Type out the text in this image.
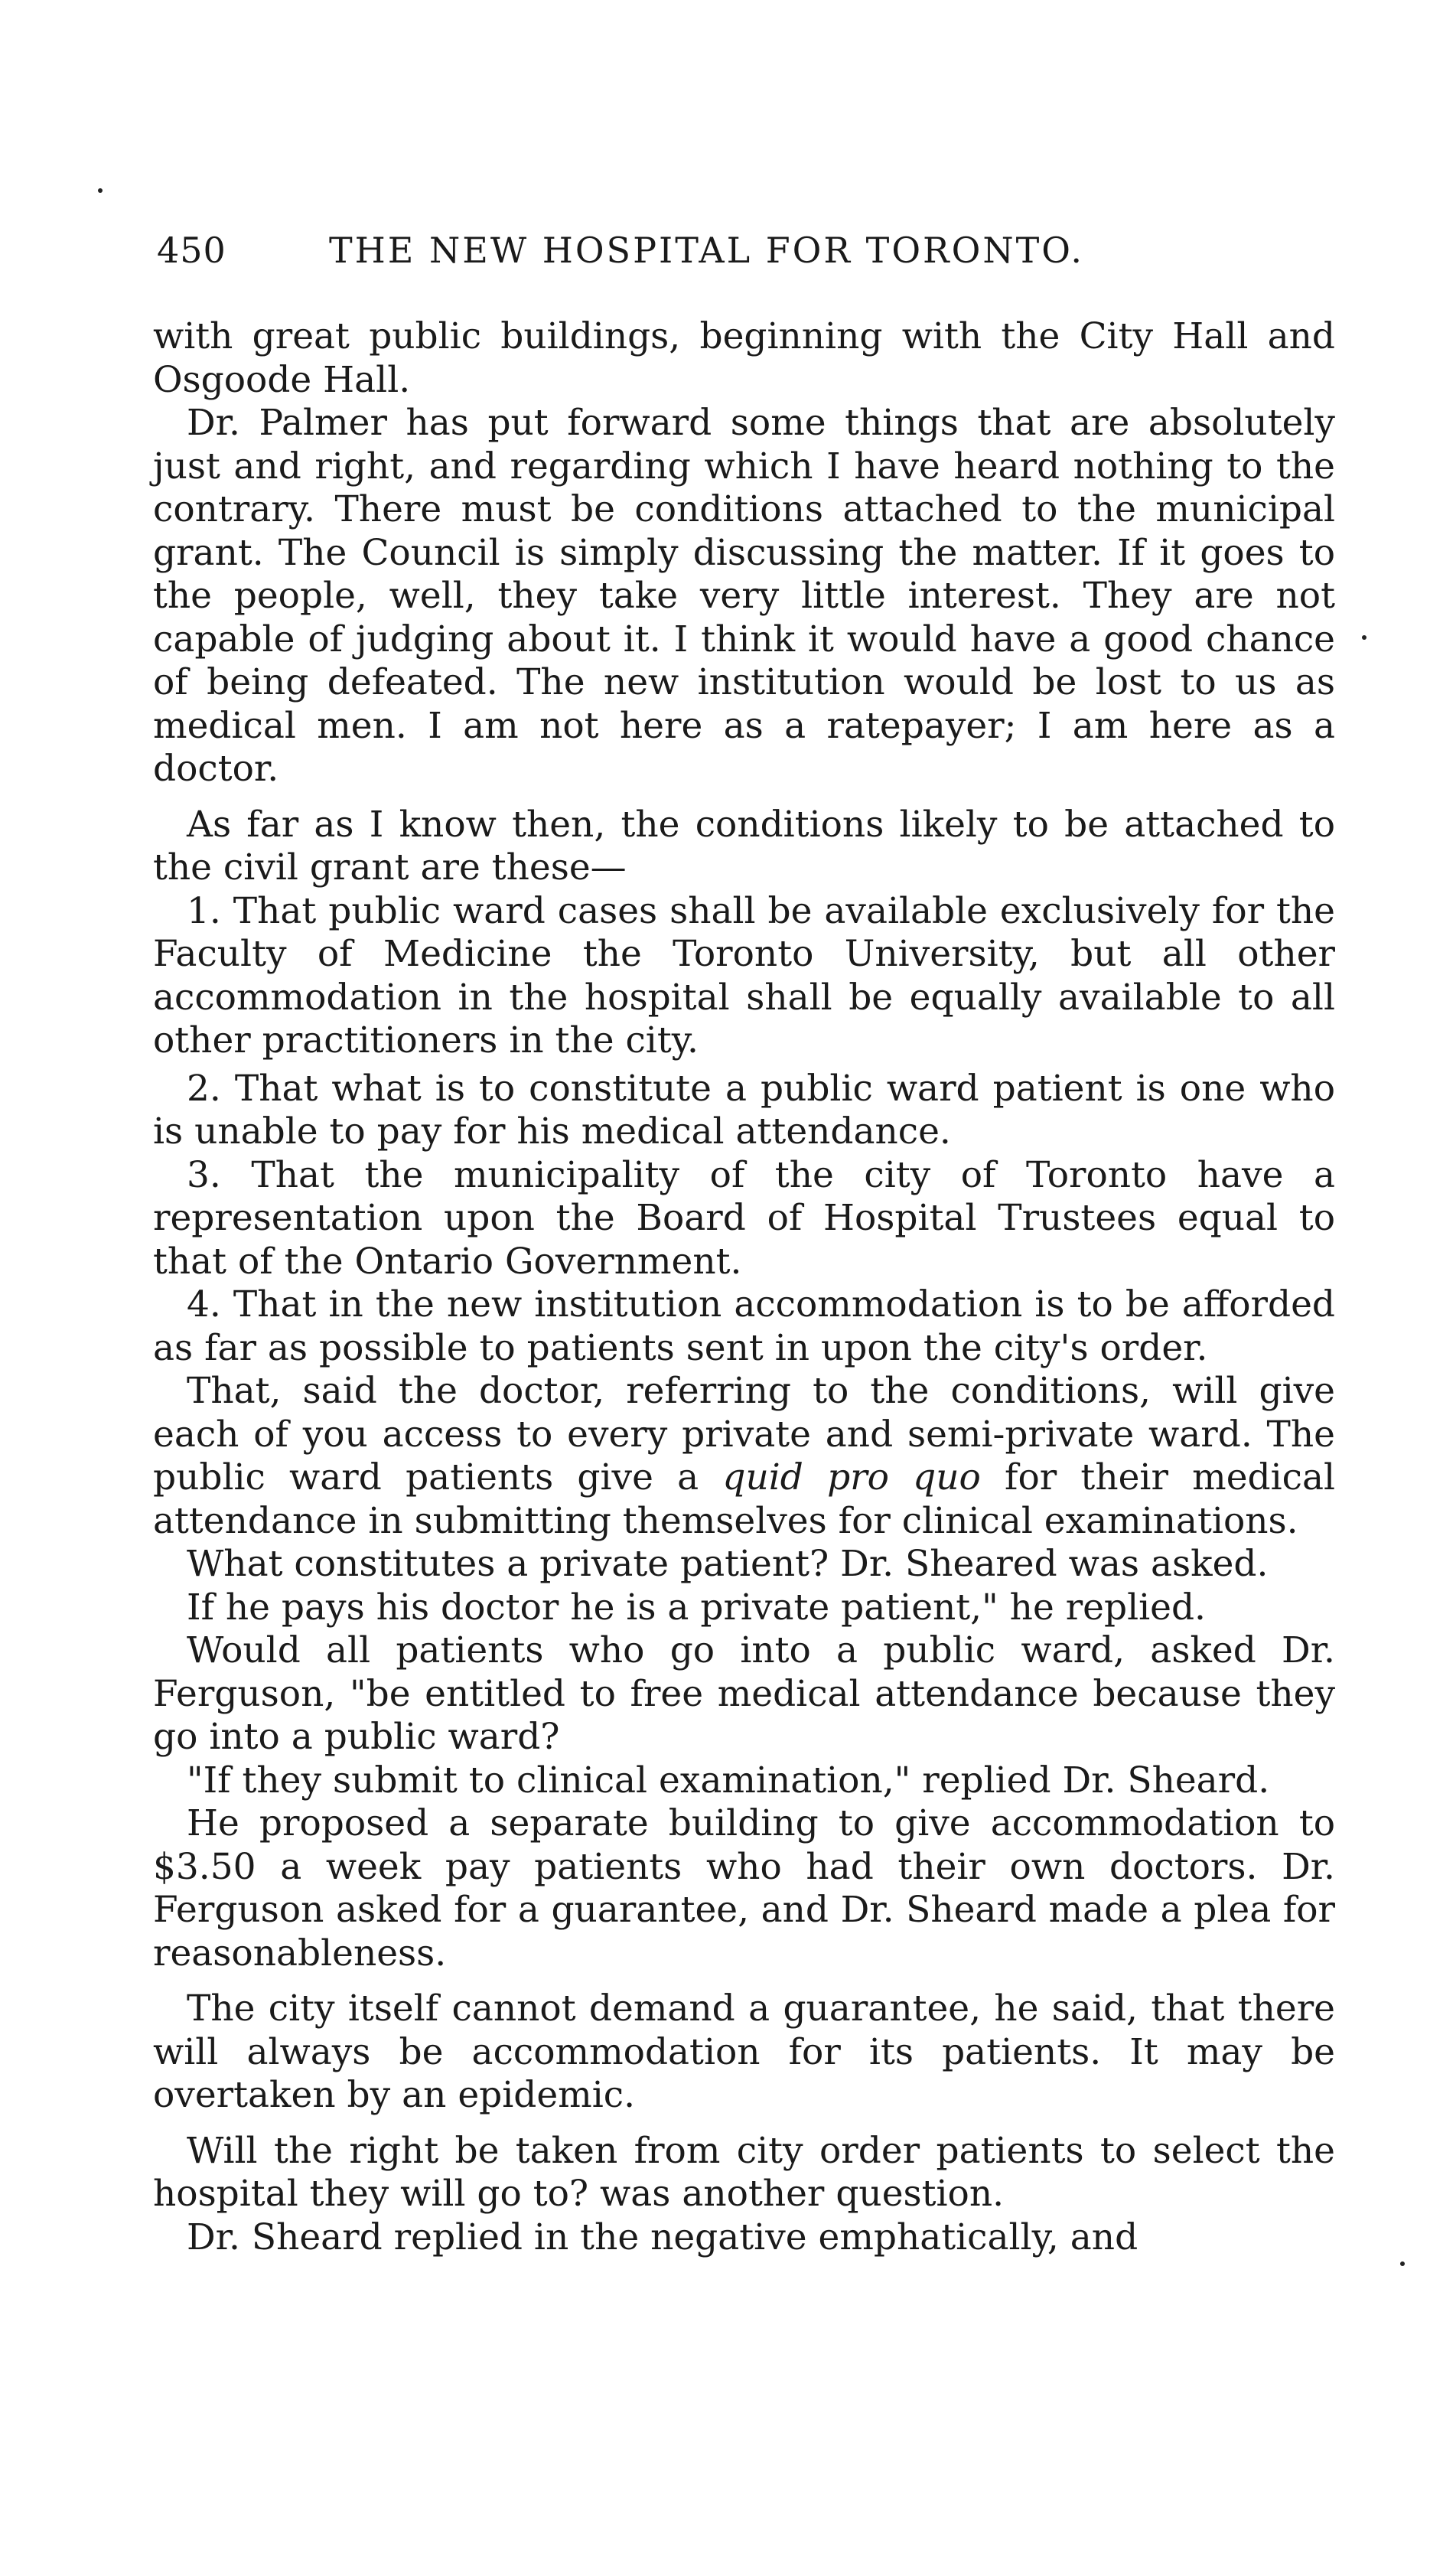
450	THE NEW HOSPITAL FOR TORONTO.

with great public buildings, beginning with the City Hall and Osgoode Hall.

Dr. Palmer has put forward some things that are absolutely just and right, and regarding which I have heard nothing to the contrary. There must be conditions attached to the municipal grant. The Council is simply discussing the matter. If it goes to the people, well, they take very little interest. They are not capable of judging about it. I think it would have a good chance of being defeated. The new institution would be lost to us as medical men. I am not here as a ratepayer; I am here as a doctor.

As far as I know then, the conditions likely to be attached to the civil grant are these—

1. That public ward cases shall be available exclusively for the Faculty of Medicine the Toronto University, but all other accommodation in the hospital shall be equally available to all other practitioners in the city.

2. That what is to constitute a public ward patient is one who is unable to pay for his medical attendance.

3. That the municipality of the city of Toronto have a representation upon the Board of Hospital Trustees equal to that of the Ontario Government.

4. That in the new institution accommodation is to be afforded as far as possible to patients sent in upon the city's order.

That, said the doctor, referring to the conditions, will give each of you access to every private and semi-private ward. The public ward patients give a quid pro quo for their medical attendance in submitting themselves for clinical examinations.

What constitutes a private patient? Dr. Sheared was asked.

If he pays his doctor he is a private patient," he replied.

Would all patients who go into a public ward, asked Dr. Ferguson, "be entitled to free medical attendance because they go into a public ward?

"If they submit to clinical examination," replied Dr. Sheard.

He proposed a separate building to give accommodation to $3.50 a week pay patients who had their own doctors. Dr. Ferguson asked for a guarantee, and Dr. Sheard made a plea for reasonableness.

The city itself cannot demand a guarantee, he said, that there will always be accommodation for its patients. It may be overtaken by an epidemic.

Will the right be taken from city order patients to select the hospital they will go to? was another question.

Dr. Sheard replied in the negative emphatically, and
